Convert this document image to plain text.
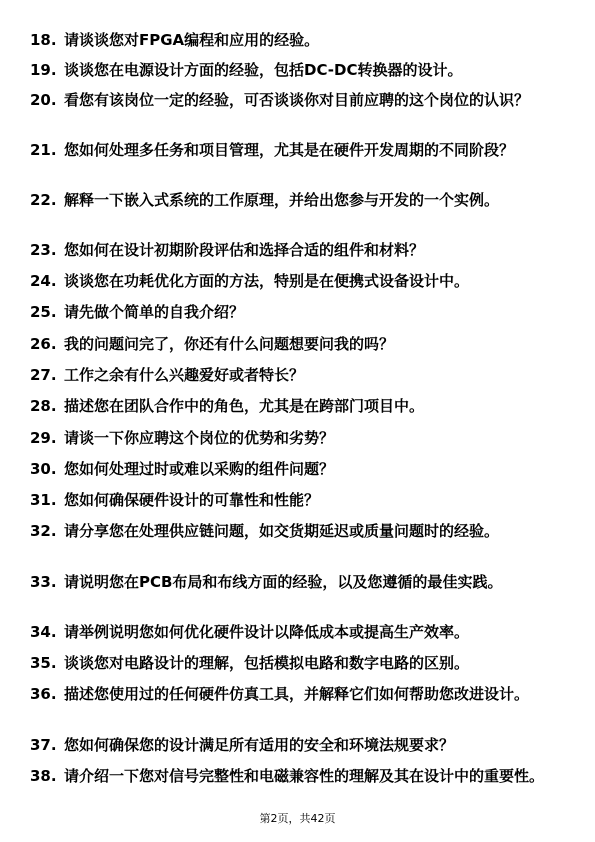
18. 请谈谈您对FPGA编程和应用的经验。
19. 谈谈您在电源设计方面的经验，包括DC-DC转换器的设计。
20. 看您有该岗位一定的经验，可否谈谈你对目前应聘的这个岗位的认识？
21. 您如何处理多任务和项目管理，尤其是在硬件开发周期的不同阶段？
22. 解释一下嵌入式系统的工作原理，并给出您参与开发的一个实例。
23. 您如何在设计初期阶段评估和选择合适的组件和材料？
24. 谈谈您在功耗优化方面的方法，特别是在便携式设备设计中。
25. 请先做个简单的自我介绍？
26. 我的问题问完了，你还有什么问题想要问我的吗？
27. 工作之余有什么兴趣爱好或者特长？
28. 描述您在团队合作中的角色，尤其是在跨部门项目中。
29. 请谈一下你应聘这个岗位的优势和劣势？
30. 您如何处理过时或难以采购的组件问题？
31. 您如何确保硬件设计的可靠性和性能？
32. 请分享您在处理供应链问题，如交货期延迟或质量问题时的经验。
33. 请说明您在PCB布局和布线方面的经验，以及您遵循的最佳实践。
34. 请举例说明您如何优化硬件设计以降低成本或提高生产效率。
35. 谈谈您对电路设计的理解，包括模拟电路和数字电路的区别。
36. 描述您使用过的任何硬件仿真工具，并解释它们如何帮助您改进设计。
37. 您如何确保您的设计满足所有适用的安全和环境法规要求？
38. 请介绍一下您对信号完整性和电磁兼容性的理解及其在设计中的重要性。
第2页，共42页
